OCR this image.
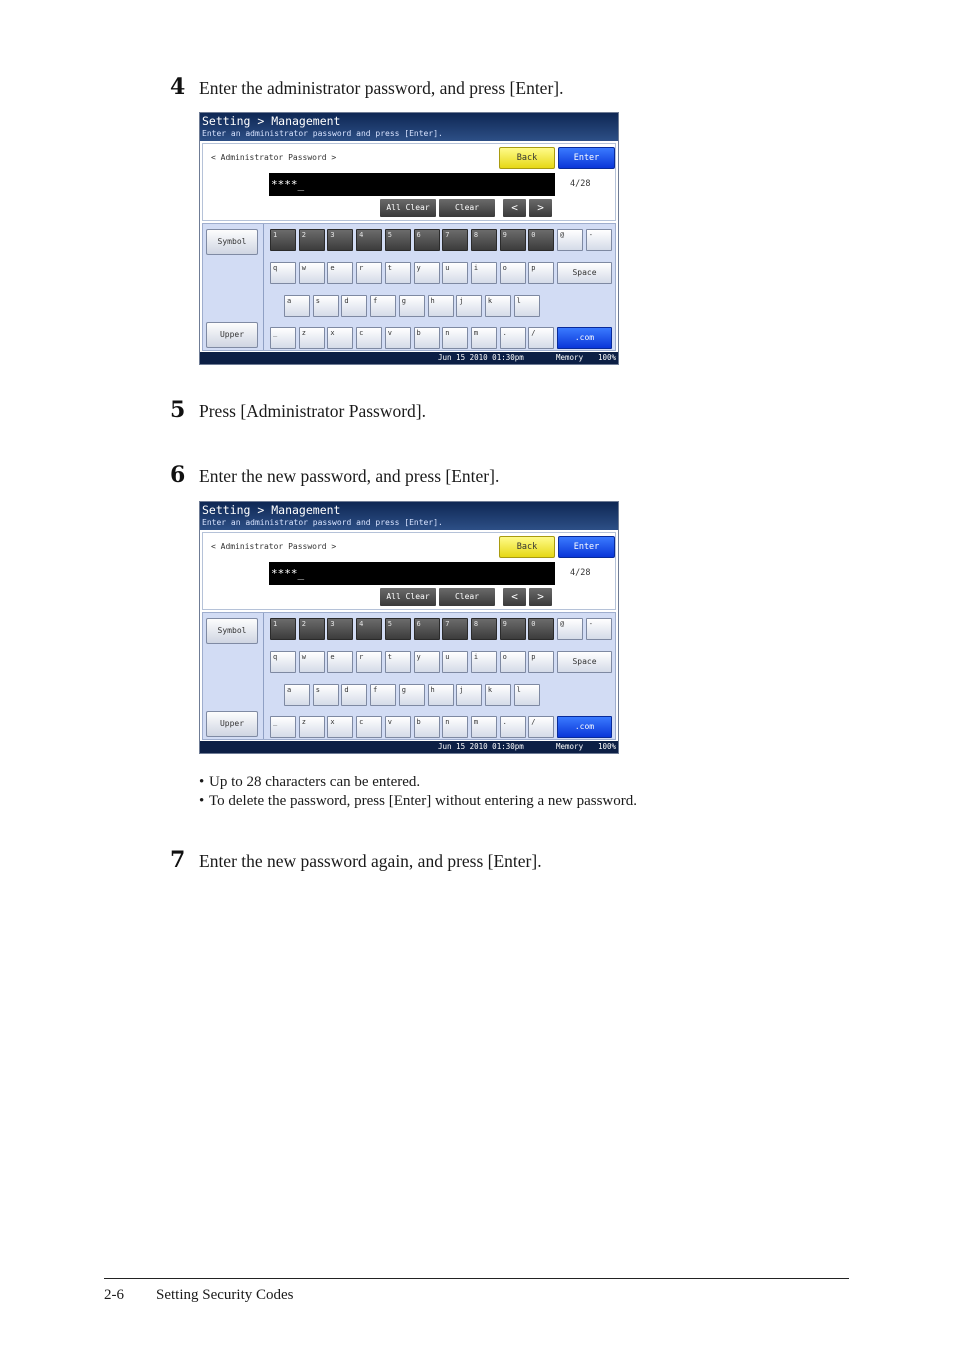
4 Enter the administrator password, and press [Enter].
Setting > Management
Enter an administrator password and press [Enter].
< Administrator Password >	Back	Enter
****_	4/28
All Clear	Clear	<	>
Symbol
Upper
1	2	3	4	5	6	7	8	9	0	@	-
q	w	e	r	t	y	u	i	o	p	Space
a	s	d	f	g	h	j	k	l
_	z	x	c	v	b	n	m	.	/	.com
Jun 15 2010 01:30pm	Memory 100%
5 Press [Administrator Password].
6 Enter the new password, and press [Enter].
Setting > Management
Enter an administrator password and press [Enter].
< Administrator Password >	Back	Enter
****_	4/28
All Clear	Clear	<	>
Symbol
Upper
1	2	3	4	5	6	7	8	9	0	@	-
q	w	e	r	t	y	u	i	o	p	Space
a	s	d	f	g	h	j	k	l
_	z	x	c	v	b	n	m	.	/	.com
Jun 15 2010 01:30pm	Memory 100%
• Up to 28 characters can be entered.
• To delete the password, press [Enter] without entering a new password.
7 Enter the new password again, and press [Enter].
2-6 Setting Security Codes
